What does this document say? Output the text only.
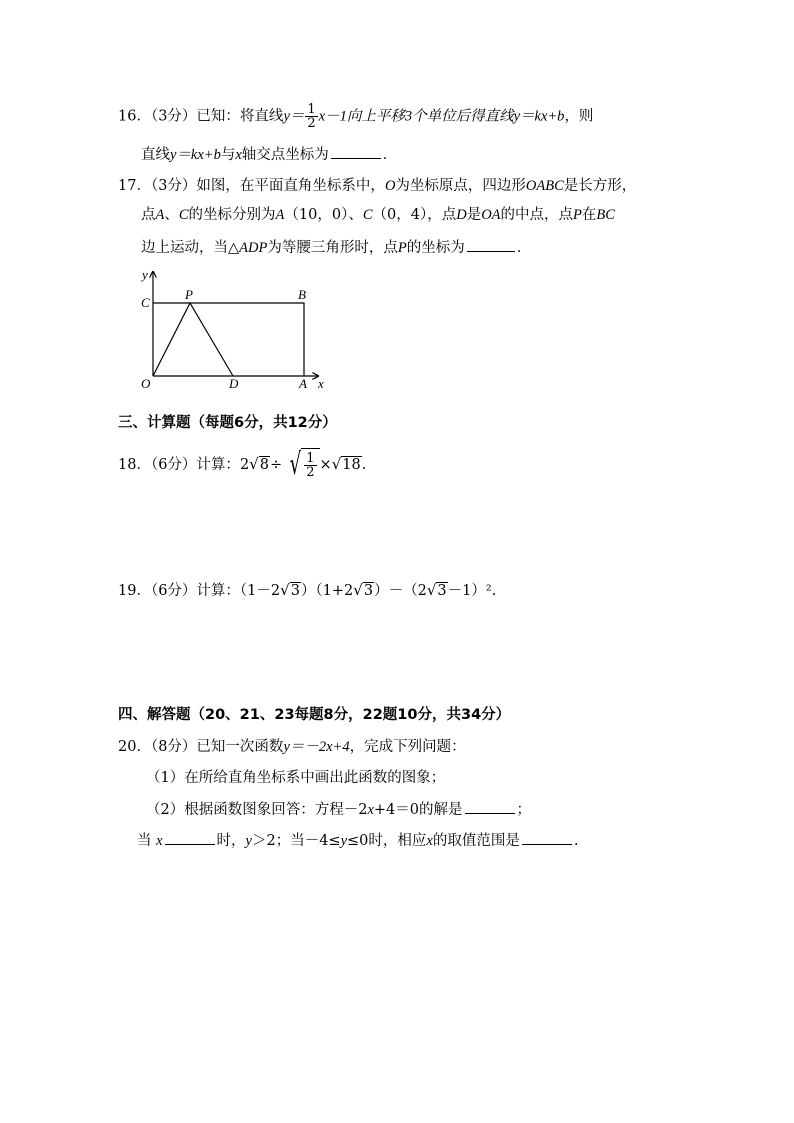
16．（3分）已知：将直线$y= \frac{1}{2} x-1$向上平移3个单位后得直线y＝kx+b，则
直线y＝kx+b与x轴交点坐标为	．
17．（3分）如图，在平面直角坐标系中，O为坐标原点，四边形OABC是长方形，
点A、C的坐标分别为A（10，0）、C（0，4），点D是OA的中点，点P在BC
边上运动，当△ADP为等腰三角形时，点P的坐标为	．
y
C
P	B
O	D	A x
三、计算题（每题6分，共12分）
18．（6分）计算：2√8÷ √ $\frac{1}{2} \times√18$.
19．（6分）计算：（1－2√3）（1+2√3）－（2√3－1）².
四、解答题（20、21、23每题8分，22题10分，共34分）
20．（8分）已知一次函数y＝－2x+4，完成下列问题：
（1）在所给直角坐标系中画出此函数的图象；
（2）根据函数图象回答：方程－2x+4＝0的解是	；
当 x	时，y＞2；当－4≤y≤0时，相应x的取值范围是	.
